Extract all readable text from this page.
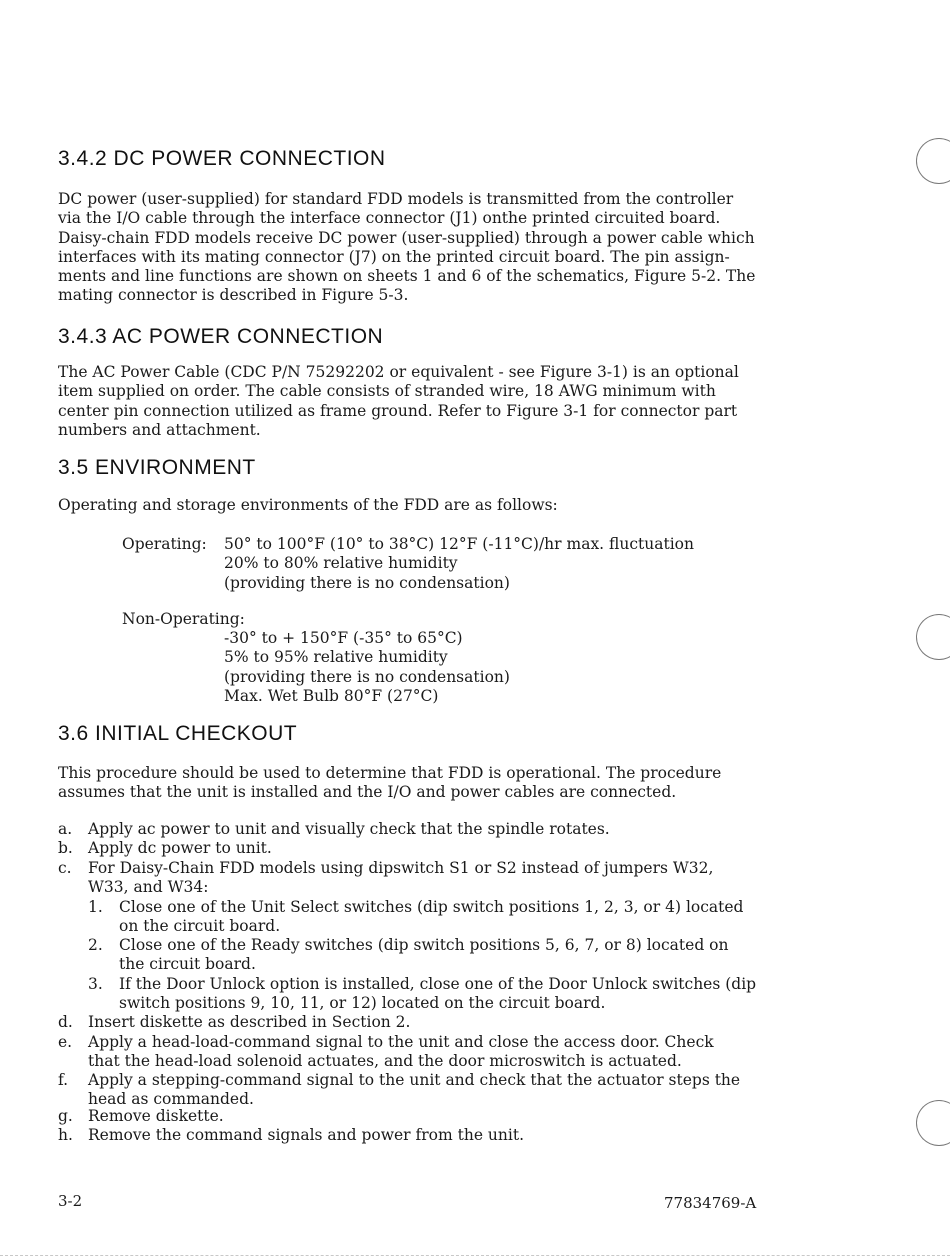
3.4.2 DC POWER CONNECTION
DC power (user-supplied) for standard FDD models is transmitted from the controller
via the I/O cable through the interface connector (J1) onthe printed circuited board.
Daisy-chain FDD models receive DC power (user-supplied) through a power cable which
interfaces with its mating connector (J7) on the printed circuit board. The pin assign-
ments and line functions are shown on sheets 1 and 6 of the schematics, Figure 5-2. The
mating connector is described in Figure 5-3.
3.4.3 AC POWER CONNECTION
The AC Power Cable (CDC P/N 75292202 or equivalent - see Figure 3-1) is an optional
item supplied on order. The cable consists of stranded wire, 18 AWG minimum with
center pin connection utilized as frame ground. Refer to Figure 3-1 for connector part
numbers and attachment.
3.5 ENVIRONMENT
Operating and storage environments of the FDD are as follows:
Operating: 50° to 100°F (10° to 38°C) 12°F (-11°C)/hr max. fluctuation
20% to 80% relative humidity
(providing there is no condensation)
Non-Operating:
-30° to + 150°F (-35° to 65°C)
5% to 95% relative humidity
(providing there is no condensation)
Max. Wet Bulb 80°F (27°C)
3.6 INITIAL CHECKOUT
This procedure should be used to determine that FDD is operational. The procedure
assumes that the unit is installed and the I/O and power cables are connected.
a. Apply ac power to unit and visually check that the spindle rotates.
b. Apply dc power to unit.
c. For Daisy-Chain FDD models using dipswitch S1 or S2 instead of jumpers W32,
W33, and W34:
1. Close one of the Unit Select switches (dip switch positions 1, 2, 3, or 4) located
on the circuit board.
2. Close one of the Ready switches (dip switch positions 5, 6, 7, or 8) located on
the circuit board.
3. If the Door Unlock option is installed, close one of the Door Unlock switches (dip
switch positions 9, 10, 11, or 12) located on the circuit board.
d. Insert diskette as described in Section 2.
e. Apply a head-load-command signal to the unit and close the access door. Check
that the head-load solenoid actuates, and the door microswitch is actuated.
f. Apply a stepping-command signal to the unit and check that the actuator steps the
head as commanded.
g. Remove diskette.
h. Remove the command signals and power from the unit.
3-2	77834769-A
